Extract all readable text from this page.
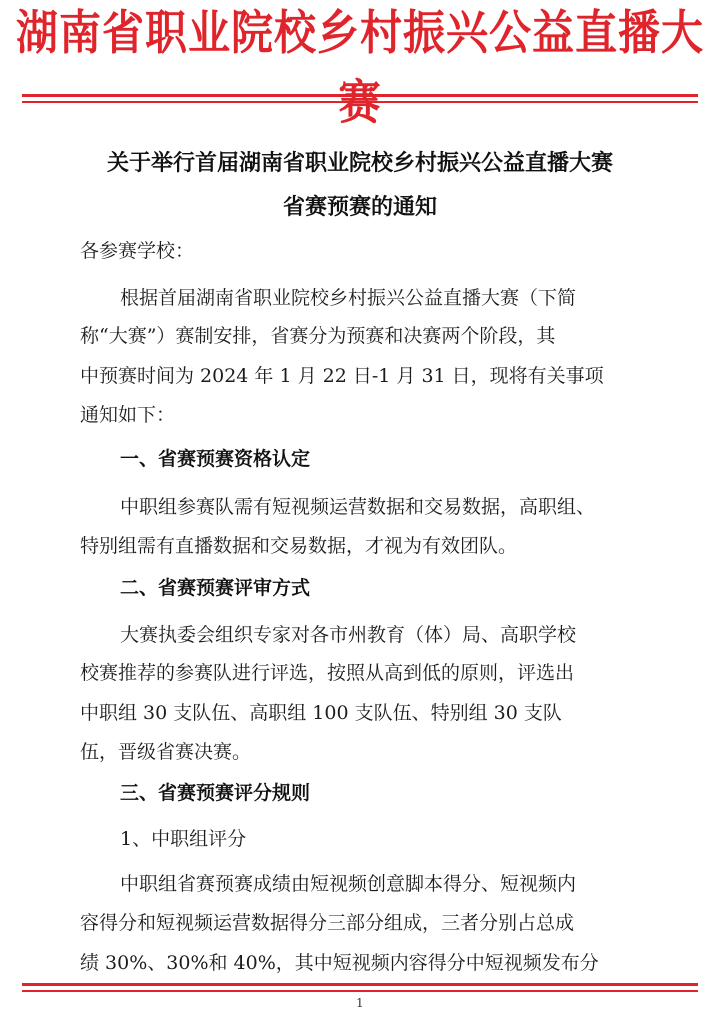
湖南省职业院校乡村振兴公益直播大
关于举行首届湖南省职业院校乡村振兴公益直播大赛
省赛预赛的通知
各参赛学校：
根据首届湖南省职业院校乡村振兴公益直播大赛（下简
称“大赛”）赛制安排，省赛分为预赛和决赛两个阶段，其
中预赛时间为 2024 年 1 月 22 日-1 月 31 日，现将有关事项
通知如下：
一、省赛预赛资格认定
中职组参赛队需有短视频运营数据和交易数据，高职组、
特别组需有直播数据和交易数据，才视为有效团队。
二、省赛预赛评审方式
大赛执委会组织专家对各市州教育（体）局、高职学校
校赛推荐的参赛队进行评选，按照从高到低的原则，评选出
中职组 30 支队伍、高职组 100 支队伍、特别组 30 支队
伍，晋级省赛决赛。
三、省赛预赛评分规则
1、中职组评分
中职组省赛预赛成绩由短视频创意脚本得分、短视频内
容得分和短视频运营数据得分三部分组成，三者分别占总成
绩 30%、30%和 40%，其中短视频内容得分中短视频发布分
1
